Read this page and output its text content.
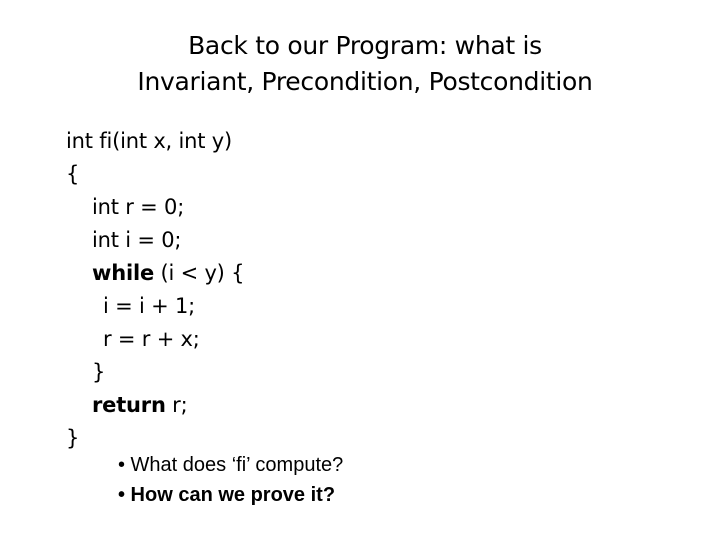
Back to our Program: what is
Invariant, Precondition, Postcondition
int fi(int x, int y)
{
int r = 0;
int i = 0;
while (i < y) {
i = i + 1;
r = r + x;
}
return r;
}
• What does ‘fi’ compute?
• How can we prove it?
